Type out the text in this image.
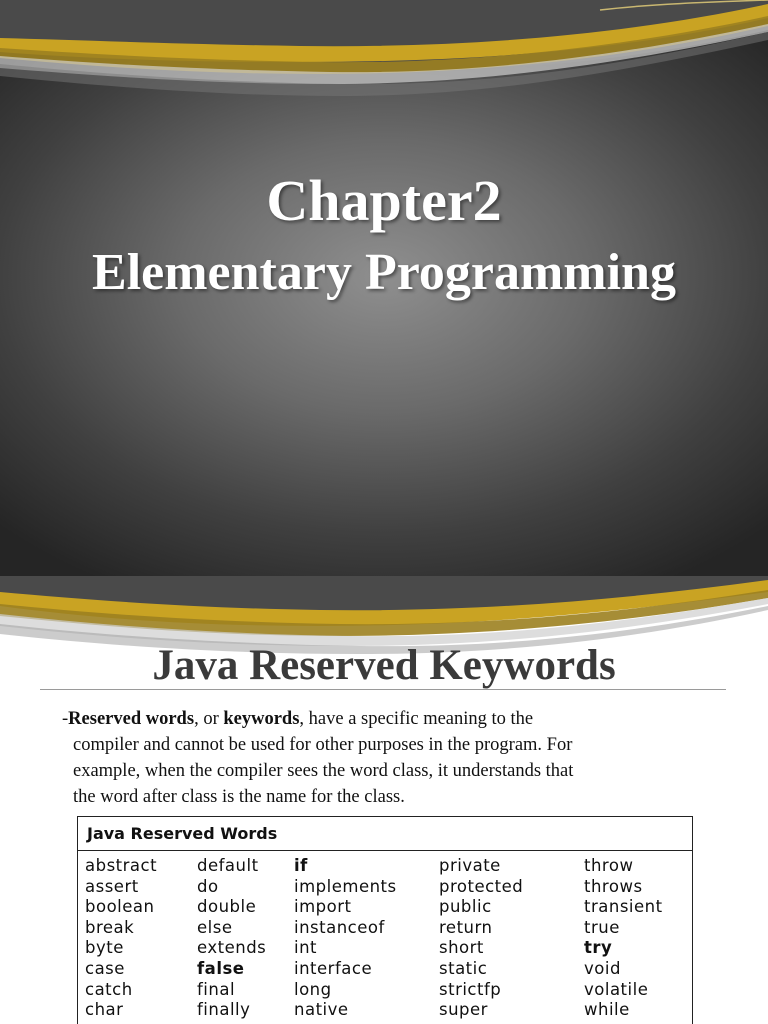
Chapter2
Elementary Programming
Java Reserved Keywords
-Reserved words, or keywords, have a specific meaning to the
compiler and cannot be used for other purposes in the program. For
example, when the compiler sees the word class, it understands that
the word after class is the name for the class.
Java Reserved Words
abstract
assert
boolean
break
byte
case
catch
char
default
do
double
else
extends
false
final
finally
if
implements
import
instanceof
int
interface
long
native
private
protected
public
return
short
static
strictfp
super
throw
throws
transient
true
try
void
volatile
while
